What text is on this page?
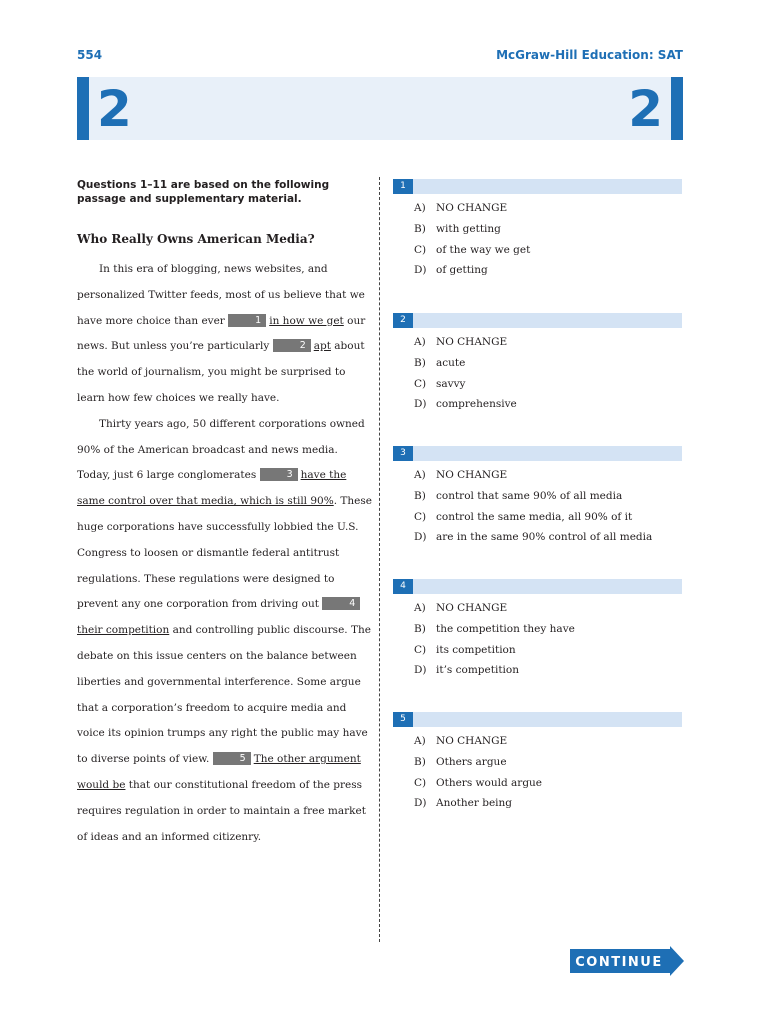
554	McGraw-Hill Education: SAT
2	2
Questions 1–11 are based on the following passage and supplementary material.
Who Really Owns American Media?

In this era of blogging, news websites, and personalized Twitter feeds, most of us believe that we have more choice than ever	1 in how we get our news. But unless you’re particularly	2 apt about the world of journalism, you might be surprised to learn how few choices we really have.

Thirty years ago, 50 different corporations owned 90% of the American broadcast and news media. Today, just 6 large conglomerates	3 have the same control over that media, which is still 90%. These huge corporations have successfully lobbied the U.S. Congress to loosen or dismantle federal antitrust regulations. These regulations were designed to prevent any one corporation from driving out	4their competition and controlling public discourse. The debate on this issue centers on the balance between liberties and governmental interference. Some argue that a corporation’s freedom to acquire media and voice its opinion trumps any right the public may have to diverse points of view.	5 The other argument would be that our constitutional freedom of the press requires regulation in order to maintain a free market of ideas and an informed citizenry.

1
A) NO CHANGE
B) with getting
C) of the way we get
D) of getting
2
A) NO CHANGE
B) acute
C) savvy
D) comprehensive
3
A) NO CHANGE
B) control that same 90% of all media
C) control the same media, all 90% of it
D) are in the same 90% control of all media
4
A) NO CHANGE
B) the competition they have
C) its competition
D) it’s competition
5
A) NO CHANGE
B) Others argue
C) Others would argue
D) Another being
CONTINUE
